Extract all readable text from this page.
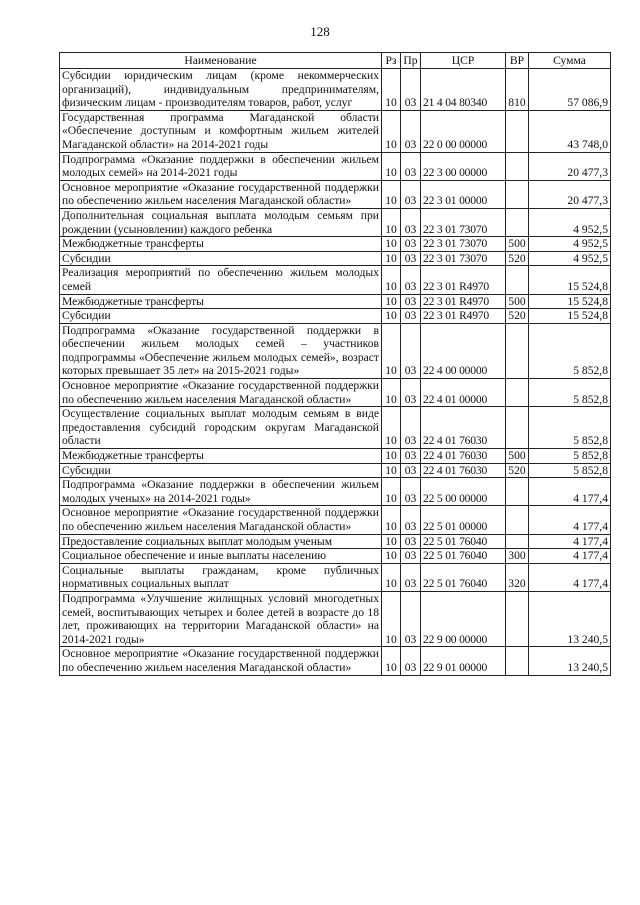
128
Наименование	Рз	Пр	ЦСР	ВР	Сумма
Субсидии юридическим лицам (кроме некоммерческих организаций), индивидуальным предпринимателям, физическим лицам - производителям товаров, работ, услуг	10	03	21 4 04 80340	810	57 086,9
Государственная программа Магаданской области «Обеспечение доступным и комфортным жильем жителей Магаданской области» на 2014-2021 годы	10	03	22 0 00 00000		43 748,0
Подпрограмма «Оказание поддержки в обеспечении жильем молодых семей» на 2014-2021 годы	10	03	22 3 00 00000		20 477,3
Основное мероприятие «Оказание государственной поддержки по обеспечению жильем населения Магаданской области»	10	03	22 3 01 00000		20 477,3
Дополнительная социальная выплата молодым семьям при рождении (усыновлении) каждого ребенка	10	03	22 3 01 73070		4 952,5
Межбюджетные трансферты	10	03	22 3 01 73070	500	4 952,5
Субсидии	10	03	22 3 01 73070	520	4 952,5
Реализация мероприятий по обеспечению жильем молодых семей	10	03	22 3 01 R4970		15 524,8
Межбюджетные трансферты	10	03	22 3 01 R4970	500	15 524,8
Субсидии	10	03	22 3 01 R4970	520	15 524,8
Подпрограмма «Оказание государственной поддержки в обеспечении жильем молодых семей – участников подпрограммы «Обеспечение жильем молодых семей», возраст которых превышает 35 лет» на 2015-2021 годы»	10	03	22 4 00 00000		5 852,8
Основное мероприятие «Оказание государственной поддержки по обеспечению жильем населения Магаданской области»	10	03	22 4 01 00000		5 852,8
Осуществление социальных выплат молодым семьям в виде предоставления субсидий городским округам Магаданской области	10	03	22 4 01 76030		5 852,8
Межбюджетные трансферты	10	03	22 4 01 76030	500	5 852,8
Субсидии	10	03	22 4 01 76030	520	5 852,8
Подпрограмма «Оказание поддержки в обеспечении жильем молодых ученых» на 2014-2021 годы»	10	03	22 5 00 00000		4 177,4
Основное мероприятие «Оказание государственной поддержки по обеспечению жильем населения Магаданской области»	10	03	22 5 01 00000		4 177,4
Предоставление социальных выплат молодым ученым	10	03	22 5 01 76040		4 177,4
Социальное обеспечение и иные выплаты населению	10	03	22 5 01 76040	300	4 177,4
Социальные выплаты гражданам, кроме публичных нормативных социальных выплат	10	03	22 5 01 76040	320	4 177,4
Подпрограмма «Улучшение жилищных условий многодетных семей, воспитывающих четырех и более детей в возрасте до 18 лет, проживающих на территории Магаданской области» на 2014-2021 годы»	10	03	22 9 00 00000		13 240,5
Основное мероприятие «Оказание государственной поддержки по обеспечению жильем населения Магаданской области»	10	03	22 9 01 00000		13 240,5
